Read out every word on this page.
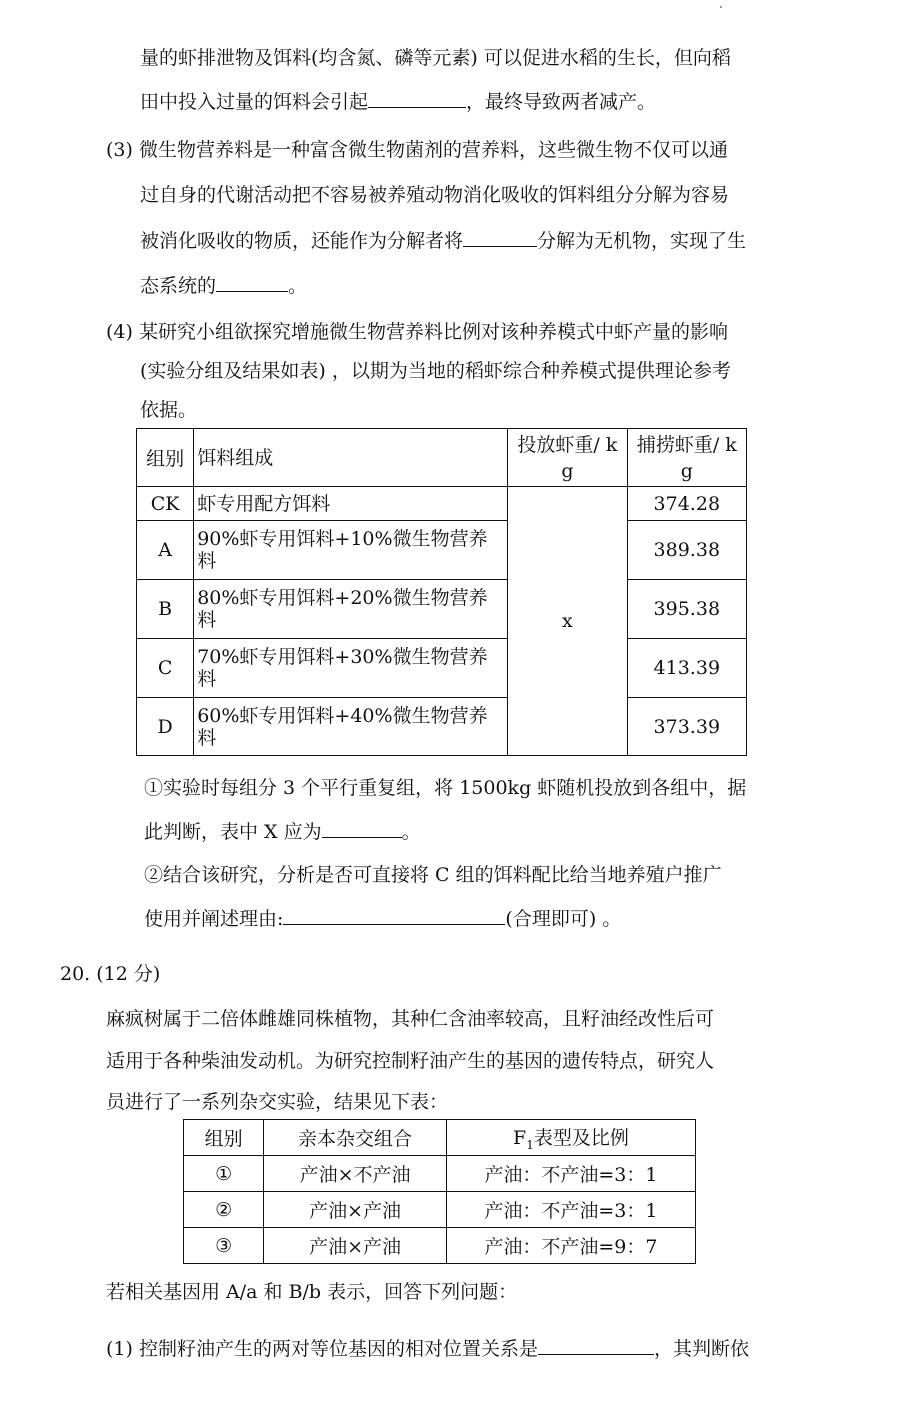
量的虾排泄物及饵料(均含氮、磷等元素) 可以促进水稻的生长，但向稻
田中投入过量的饵料会引起	，最终导致两者减产。
(3) 微生物营养料是一种富含微生物菌剂的营养料，这些微生物不仅可以通
过自身的代谢活动把不容易被养殖动物消化吸收的饵料组分分解为容易
被消化吸收的物质，还能作为分解者将	分解为无机物，实现了生
态系统的	。
(4) 某研究小组欲探究增施微生物营养料比例对该种养模式中虾产量的影响
(实验分组及结果如表) ，以期为当地的稻虾综合种养模式提供理论参考
依据。
组别	饵料组成	投放虾重/ k g	捕捞虾重/ k g
CK	虾专用配方饵料	x	374.28
A	90%虾专用饵料+10%微生物营养料		389.38
B	80%虾专用饵料+20%微生物营养料		395.38
C	70%虾专用饵料+30%微生物营养料		413.39
D	60%虾专用饵料+40%微生物营养料		373.39
①实验时每组分 3 个平行重复组，将 1500kg 虾随机投放到各组中，据
此判断，表中 X 应为	。
②结合该研究，分析是否可直接将 C 组的饵料配比给当地养殖户推广
使用并阐述理由:	(合理即可) 。
20. (12 分)
麻疯树属于二倍体雌雄同株植物，其种仁含油率较高，且籽油经改性后可
适用于各种柴油发动机。为研究控制籽油产生的基因的遗传特点，研究人
员进行了一系列杂交实验，结果见下表：
组别	亲本杂交组合	$F_1$表型及比例
①	产油×不产油	产油：不产油=3：1
②	产油×产油	产油：不产油=3：1
③	产油×产油	产油：不产油=9：7
若相关基因用 A/a 和 B/b 表示，回答下列问题：
(1) 控制籽油产生的两对等位基因的相对位置关系是	，其判断依
